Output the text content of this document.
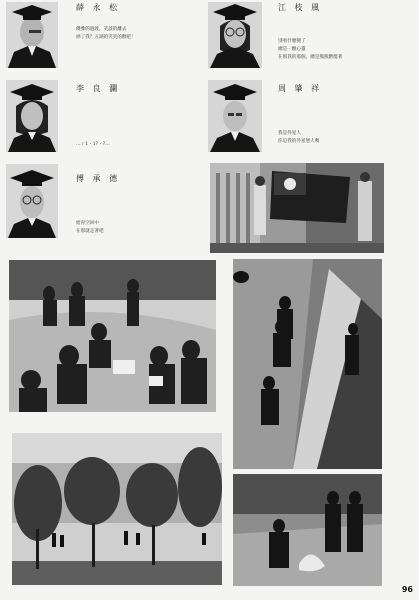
薛 永 松
優雅的過渡，笑談的離去
掉了我？五湖的笑笑的歡吧！
李 良 瀾
…ㄚ1・1?・?…
傅 承 德
給青空回中
在那就走著吧
江 枝 風
別看什麼變了
總是一顆心靈
在那我的那個，總是熊熊燃燒著
周 肇 祥
我是外星人
你是我的外星戀人嗎
96
